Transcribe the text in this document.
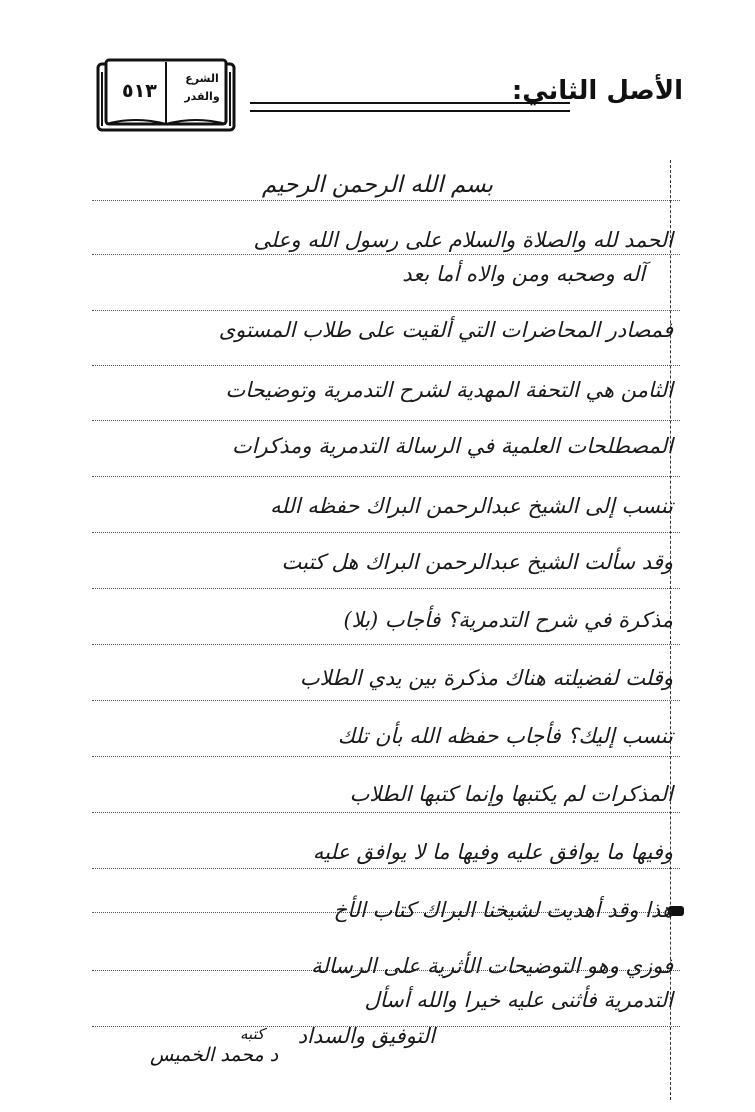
الأصل الثاني:
٥١٣
الشرع
والقدر
بسم الله الرحمن الرحيم
الحمد لله والصلاة والسلام على رسول الله وعلى
آله وصحبه ومن والاه أما بعد
فمصادر المحاضرات التي ألقيت على طلاب المستوى
الثامن هي التحفة المهدية لشرح التدمرية وتوضيحات
المصطلحات العلمية في الرسالة التدمرية ومذكرات
تنسب إلى الشيخ عبدالرحمن البراك حفظه الله
وقد سألت الشيخ عبدالرحمن البراك هل كتبت
مذكرة في شرح التدمرية؟ فأجاب (بلا)
وقلت لفضيلته هناك مذكرة بين يدي الطلاب
تنسب إليك؟ فأجاب حفظه الله بأن تلك
المذكرات لم يكتبها وإنما كتبها الطلاب
وفيها ما يوافق عليه وفيها ما لا يوافق عليه
هذا وقد أهديت لشيخنا البراك كتاب الأخ
فوزي وهو التوضيحات الأثرية على الرسالة
التدمرية فأثنى عليه خيرا والله أسأل
التوفيق والسداد
كتبه
د محمد الخميس
